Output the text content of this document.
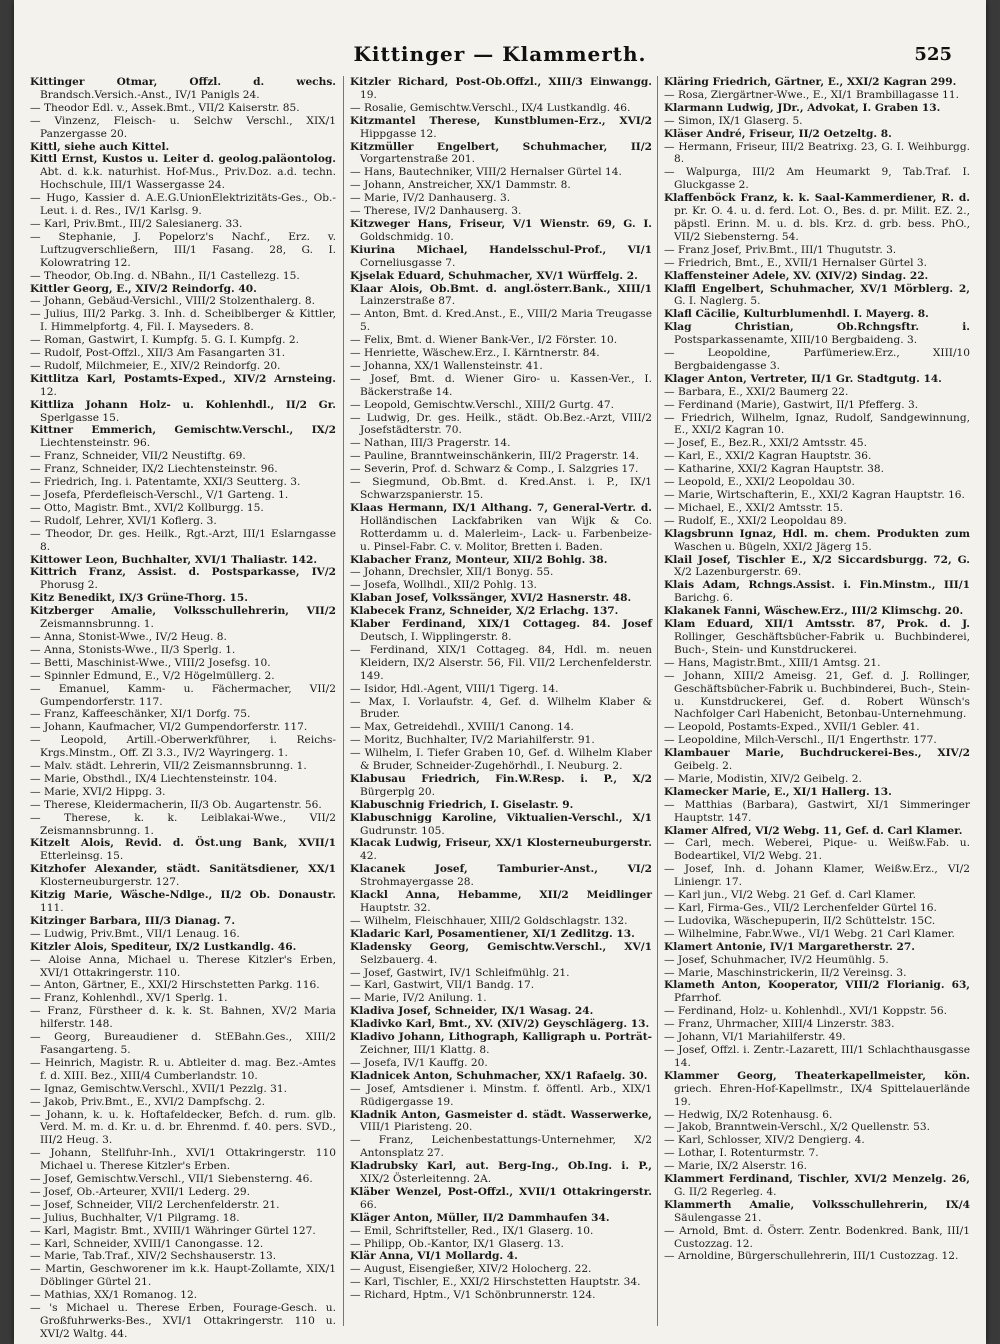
Kittinger — Klammerth.	525

Kittinger Otmar, Offzl. d. wechs. Brandsch.Versich.-Anst., IV/1 Panigls 24.

— Theodor Edl. v., Assek.Bmt., VII/2 Kaiserstr. 85.

— Vinzenz, Fleisch- u. Selchw Verschl., XIX/1 Panzergasse 20.

Kittl, siehe auch Kittel.

Kittl Ernst, Kustos u. Leiter d. geolog.paläontolog. Abt. d. k.k. naturhist. Hof-Mus., Priv.Doz. a.d. techn. Hochschule, III/1 Wassergasse 24.

— Hugo, Kassier d. A.E.G.UnionElektrizitäts-Ges., Ob.-Leut. i. d. Res., IV/1 Karlsg. 9.

— Karl, Priv.Bmt., III/2 Salesianerg. 33.

— Stephanie, J. Popelorz's Nachf., Erz. v. Luftzugverschließern, III/1 Fasang. 28, G. I. Kolowratring 12.

— Theodor, Ob.Ing. d. NBahn., II/1 Castellezg. 15.

Kittler Georg, E., XIV/2 Reindorfg. 40.

— Johann, Gebäud-Versichl., VIII/2 Stolzenthalerg. 8.

— Julius, III/2 Parkg. 3. Inh. d. Scheiblberger & Kittler, I. Himmelpfortg. 4, Fil. I. Mayseders. 8.

— Roman, Gastwirt, I. Kumpfg. 5. G. I. Kumpfg. 2.

— Rudolf, Post-Offzl., XII/3 Am Fasangarten 31.

— Rudolf, Milchmeier, E., XIV/2 Reindorfg. 20.

Kittlitza Karl, Postamts-Exped., XIV/2 Arnsteing. 12.

Kittliza Johann Holz- u. Kohlenhdl., II/2 Gr. Sperlgasse 15.

Kittner Emmerich, Gemischtw.Verschl., IX/2 Liechtensteinstr. 96.

— Franz, Schneider, VII/2 Neustiftg. 69.

— Franz, Schneider, IX/2 Liechtensteinstr. 96.

— Friedrich, Ing. i. Patentamte, XXI/3 Seutterg. 3.

— Josefa, Pferdefleisch-Verschl., V/1 Garteng. 1.

— Otto, Magistr. Bmt., XVI/2 Kollburgg. 15.

— Rudolf, Lehrer, XVI/1 Koflerg. 3.

— Theodor, Dr. ges. Heilk., Rgt.-Arzt, III/1 Eslarngasse 8.

Kittower Leon, Buchhalter, XVI/1 Thaliastr. 142.

Kittrich Franz, Assist. d. Postsparkasse, IV/2 Phorusg 2.

Kitz Benedikt, IX/3 Grüne-Thorg. 15.

Kitzberger Amalie, Volksschullehrerin, VII/2 Zeismannsbrunng. 1.

— Anna, Stonist-Wwe., IV/2 Heug. 8.

— Anna, Stonists-Wwe., II/3 Sperlg. 1.

— Betti, Maschinist-Wwe., VIII/2 Josefsg. 10.

— Spinnler Edmund, E., V/2 Högelmüllerg. 2.

— Emanuel, Kamm- u. Fächermacher, VII/2 Gumpendorferstr. 117.

— Franz, Kaffeeschänker, XI/1 Dorfg. 75.

— Johann, Kaufmacher, VI/2 Gumpendorferstr. 117.

— Leopold, Artill.-Oberwerkführer, i. Reichs-Krgs.Minstm., Off. Zl 3.3., IV/2 Wayringerg. 1.

— Malv. städt. Lehrerin, VII/2 Zeismannsbrunng. 1.

— Marie, Obsthdl., IX/4 Liechtensteinstr. 104.

— Marie, XVI/2 Hippg. 3.

— Therese, Kleidermacherin, II/3 Ob. Augartenstr. 56.

— Therese, k. k. Leiblakai-Wwe., VII/2 Zeismannsbrunng. 1.

Kitzelt Alois, Revid. d. Öst.ung Bank, XVII/1 Etterleinsg. 15.

Kitzhofer Alexander, städt. Sanitätsdiener, XX/1 Klosterneuburgerstr. 127.

Kitzig Marie, Wäsche-Ndlge., II/2 Ob. Donaustr. 111.

Kitzinger Barbara, III/3 Dianag. 7.

— Ludwig, Priv.Bmt., VII/1 Lenaug. 16.

Kitzler Alois, Spediteur, IX/2 Lustkandlg. 46.

— Aloise Anna, Michael u. Therese Kitzler's Erben, XVI/1 Ottakringerstr. 110.

— Anton, Gärtner, E., XXI/2 Hirschstetten Parkg. 116.

— Franz, Kohlenhdl., XV/1 Sperlg. 1.

— Franz, Fürstheer d. k. k. St. Bahnen, XV/2 Maria hilferstr. 148.

— Georg, Bureaudiener d. StEBahn.Ges., XIII/2 Fasangarteng. 5.

— Heinrich, Magistr. R. u. Abtleiter d. mag. Bez.-Amtes f. d. XIII. Bez., XIII/4 Cumberlandstr. 10.

— Ignaz, Gemischtw.Verschl., XVII/1 Pezzlg. 31.

— Jakob, Priv.Bmt., E., XVI/2 Dampfschg. 2.

— Johann, k. u. k. Hoftafeldecker, Befch. d. rum. glb. Verd. M. m. d. Kr. u. d. br. Ehrenmd. f. 40. pers. SVD., III/2 Heug. 3.

— Johann, Stellfuhr-Inh., XVI/1 Ottakringerstr. 110 Michael u. Therese Kitzler's Erben.

— Josef, Gemischtw.Verschl., VII/1 Siebensterng. 46.

— Josef, Ob.-Arteurer, XVII/1 Lederg. 29.

— Josef, Schneider, VII/2 Lerchenfelderstr. 21.

— Julius, Buchhalter, V/1 Pilgramg. 18.

— Karl, Magistr. Bmt., XVIII/1 Währinger Gürtel 127.

— Karl, Schneider, XVIII/1 Canongasse. 12.

— Marie, Tab.Traf., XIV/2 Sechshauserstr. 13.

— Martin, Geschworener im k.k. Haupt-Zollamte, XIX/1 Döblinger Gürtel 21.

— Mathias, XX/1 Romanog. 12.

— 's Michael u. Therese Erben, Fourage-Gesch. u. Großfuhrwerks-Bes., XVI/1 Ottakringerstr. 110 u. XVI/2 Waltg. 44.

Kitzler Richard, Post-Ob.Offzl., XIII/3 Einwangg. 19.

— Rosalie, Gemischtw.Verschl., IX/4 Lustkandlg. 46.

Kitzmantel Therese, Kunstblumen-Erz., XVI/2 Hippgasse 12.

Kitzmüller Engelbert, Schuhmacher, II/2 Vorgartenstraße 201.

— Hans, Bautechniker, VIII/2 Hernalser Gürtel 14.

— Johann, Anstreicher, XX/1 Dammstr. 8.

— Marie, IV/2 Danhauserg. 3.

— Therese, IV/2 Danhauserg. 3.

Kitzweger Hans, Friseur, V/1 Wienstr. 69, G. I. Goldschmidg. 10.

Kiurina Michael, Handelsschul-Prof., VI/1 Corneliusgasse 7.

Kjselak Eduard, Schuhmacher, XV/1 Würffelg. 2.

Klaar Alois, Ob.Bmt. d. angl.österr.Bank., XIII/1 Lainzerstraße 87.

— Anton, Bmt. d. Kred.Anst., E., VIII/2 Maria Treugasse 5.

— Felix, Bmt. d. Wiener Bank-Ver., I/2 Förster. 10.

— Henriette, Wäschew.Erz., I. Kärntnerstr. 84.

— Johanna, XX/1 Wallensteinstr. 41.

— Josef, Bmt. d. Wiener Giro- u. Kassen-Ver., I. Bäckerstraße 14.

— Leopold, Gemischtw.Verschl., XIII/2 Gurtg. 47.

— Ludwig, Dr. ges. Heilk., städt. Ob.Bez.-Arzt, VIII/2 Josefstädterstr. 70.

— Nathan, III/3 Pragerstr. 14.

— Pauline, Branntweinschänkerin, III/2 Pragerstr. 14.

— Severin, Prof. d. Schwarz & Comp., I. Salzgries 17.

— Siegmund, Ob.Bmt. d. Kred.Anst. i. P., IX/1 Schwarzspanierstr. 15.

Klaas Hermann, IX/1 Althang. 7, General-Vertr. d. Holländischen Lackfabriken van Wijk & Co. Rotterdamm u. d. Malerleim-, Lack- u. Farbenbeize- u. Pinsel-Fabr. C. v. Molitor, Bretten i. Baden.

Klabacher Franz, Monteur, XII/2 Bohlg. 38.

— Johann, Drechsler, XII/1 Bonyg. 55.

— Josefa, Wollhdl., XII/2 Pohlg. 13.

Klaban Josef, Volkssänger, XVI/2 Hasnerstr. 48.

Klabecek Franz, Schneider, X/2 Erlachg. 137.

Klaber Ferdinand, XIX/1 Cottageg. 84. Josef Deutsch, I. Wipplingerstr. 8.

— Ferdinand, XIX/1 Cottageg. 84, Hdl. m. neuen Kleidern, IX/2 Alserstr. 56, Fil. VII/2 Lerchenfelderstr. 149.

— Isidor, Hdl.-Agent, VIII/1 Tigerg. 14.

— Max, I. Vorlaufstr. 4, Gef. d. Wilhelm Klaber & Bruder.

— Max, Getreidehdl., XVIII/1 Canong. 14.

— Moritz, Buchhalter, IV/2 Mariahilferstr. 91.

— Wilhelm, I. Tiefer Graben 10, Gef. d. Wilhelm Klaber & Bruder, Schneider-Zugehörhdl., I. Neuburg. 2.

Klabusau Friedrich, Fin.W.Resp. i. P., X/2 Bürgerplg 20.

Klabuschnig Friedrich, I. Giselastr. 9.

Klabuschnigg Karoline, Viktualien-Verschl., X/1 Gudrunstr. 105.

Klacak Ludwig, Friseur, XX/1 Klosterneuburgerstr. 42.

Klacanek Josef, Tamburier-Anst., VI/2 Strohmayergasse 28.

Klackl Anna, Hebamme, XII/2 Meidlinger Hauptstr. 32.

— Wilhelm, Fleischhauer, XIII/2 Goldschlagstr. 132.

Kladaric Karl, Posamentiener, XI/1 Zedlitzg. 13.

Kladensky Georg, Gemischtw.Verschl., XV/1 Selzbauerg. 4.

— Josef, Gastwirt, IV/1 Schleifmühlg. 21.

— Karl, Gastwirt, VII/1 Bandg. 17.

— Marie, IV/2 Anilung. 1.

Kladiva Josef, Schneider, IX/1 Wasag. 24.

Kladivko Karl, Bmt., XV. (XIV/2) Geyschlägerg. 13.

Kladivo Johann, Lithograph, Kalligraph u. Porträt-Zeichner, III/1 Klattg. 8.

— Josefa, IV/1 Kauffg. 20.

Kladnicek Anton, Schuhmacher, XX/1 Rafaelg. 30.

— Josef, Amtsdiener i. Minstm. f. öffentl. Arb., XIX/1 Rüdigergasse 19.

Kladnik Anton, Gasmeister d. städt. Wasserwerke, VIII/1 Piaristeng. 20.

— Franz, Leichenbestattungs-Unternehmer, X/2 Antonsplatz 27.

Kladrubsky Karl, aut. Berg-Ing., Ob.Ing. i. P., XIX/2 Österleitenng. 2A.

Kläber Wenzel, Post-Offzl., XVII/1 Ottakringerstr. 66.

Kläger Anton, Müller, II/2 Dammhaufen 34.

— Emil, Schriftsteller, Red., IX/1 Glaserg. 10.

— Philipp, Ob.-Kantor, IX/1 Glaserg. 13.

Klär Anna, VI/1 Mollardg. 4.

— August, Eisengießer, XIV/2 Holocherg. 22.

— Karl, Tischler, E., XXI/2 Hirschstetten Hauptstr. 34.

— Richard, Hptm., V/1 Schönbrunnerstr. 124.

Kläring Friedrich, Gärtner, E., XXI/2 Kagran 299.

— Rosa, Ziergärtner-Wwe., E., XI/1 Brambillagasse 11.

Klarmann Ludwig, JDr., Advokat, I. Graben 13.

— Simon, IX/1 Glaserg. 5.

Kläser André, Friseur, II/2 Oetzeltg. 8.

— Hermann, Friseur, III/2 Beatrixg. 23, G. I. Weihburgg. 8.

— Walpurga, III/2 Am Heumarkt 9, Tab.Traf. I. Gluckgasse 2.

Klaffenböck Franz, k. k. Saal-Kammerdiener, R. d. pr. Kr. O. 4. u. d. ferd. Lot. O., Bes. d. pr. Milit. EZ. 2., päpstl. Erinn. M. u. d. bls. Krz. d. grb. bess. PhO., VII/2 Siebensterng. 54.

— Franz Josef, Priv.Bmt., III/1 Thugutstr. 3.

— Friedrich, Bmt., E., XVII/1 Hernalser Gürtel 3.

Klaffensteiner Adele, XV. (XIV/2) Sindag. 22.

Klaffl Engelbert, Schuhmacher, XV/1 Mörblerg. 2, G. I. Naglerg. 5.

Klafl Cäcilie, Kulturblumenhdl. I. Mayerg. 8.

Klag Christian, Ob.Rchngsftr. i. Postsparkassenamte, XIII/10 Bergbaideng. 3.

— Leopoldine, Parfümeriew.Erz., XIII/10 Bergbaidengasse 3.

Klager Anton, Vertreter, II/1 Gr. Stadtgutg. 14.

— Barbara, E., XXI/2 Baumerg 22.

— Ferdinand (Marie), Gastwirt, II/1 Pfefferg. 3.

— Friedrich, Wilhelm, Ignaz, Rudolf, Sandgewinnung, E., XXI/2 Kagran 10.

— Josef, E., Bez.R., XXI/2 Amtsstr. 45.

— Karl, E., XXI/2 Kagran Hauptstr. 36.

— Katharine, XXI/2 Kagran Hauptstr. 38.

— Leopold, E., XXI/2 Leopoldau 30.

— Marie, Wirtschafterin, E., XXI/2 Kagran Hauptstr. 16.

— Michael, E., XXI/2 Amtsstr. 15.

— Rudolf, E., XXI/2 Leopoldau 89.

Klagsbrunn Ignaz, Hdl. m. chem. Produkten zum Waschen u. Bügeln, XXI/2 Jägerg 15.

Klail Josef, Tischler E., X/2 Siccardsburgg. 72, G. X/2 Lazenburgerstr. 69.

Klais Adam, Rchngs.Assist. i. Fin.Minstm., III/1 Barichg. 6.

Klakanek Fanni, Wäschew.Erz., III/2 Klimschg. 20.

Klam Eduard, XII/1 Amtsstr. 87, Prok. d. J. Rollinger, Geschäftsbücher-Fabrik u. Buchbinderei, Buch-, Stein- und Kunstdruckerei.

— Hans, Magistr.Bmt., XIII/1 Amtsg. 21.

— Johann, XIII/2 Ameisg. 21, Gef. d. J. Rollinger, Geschäftsbücher-Fabrik u. Buchbinderei, Buch-, Stein- u. Kunstdruckerei, Gef. d. Robert Wünsch's Nachfolger Carl Habenicht, Betonbau-Unternehmung.

— Leopold, Postamts-Exped., XVII/1 Gebler. 41.

— Leopoldine, Milch-Verschl., II/1 Engerthstr. 177.

Klambauer Marie, Buchdruckerei-Bes., XIV/2 Geibelg. 2.

— Marie, Modistin, XIV/2 Geibelg. 2.

Klamecker Marie, E., XI/1 Hallerg. 13.

— Matthias (Barbara), Gastwirt, XI/1 Simmeringer Hauptstr. 147.

Klamer Alfred, VI/2 Webg. 11, Gef. d. Carl Klamer.

— Carl, mech. Weberei, Pique- u. Weißw.Fab. u. Bodeartikel, VI/2 Webg. 21.

— Josef, Inh. d. Johann Klamer, Weißw.Erz., VI/2 Liniengr. 17.

— Karl jun., VI/2 Webg. 21 Gef. d. Carl Klamer.

— Karl, Firma-Ges., VII/2 Lerchenfelder Gürtel 16.

— Ludovika, Wäschepuperin, II/2 Schüttelstr. 15C.

— Wilhelmine, Fabr.Wwe., VI/1 Webg. 21 Carl Klamer.

Klamert Antonie, IV/1 Margaretherstr. 27.

— Josef, Schuhmacher, IV/2 Heumühlg. 5.

— Marie, Maschinstrickerin, II/2 Vereinsg. 3.

Klameth Anton, Kooperator, VIII/2 Florianig. 63, Pfarrhof.

— Ferdinand, Holz- u. Kohlenhdl., XVI/1 Koppstr. 56.

— Franz, Uhrmacher, XIII/4 Linzerstr. 383.

— Johann, VI/1 Mariahilferstr. 49.

— Josef, Offzl. i. Zentr.-Lazarett, III/1 Schlachthausgasse 14.

Klammer Georg, Theaterkapellmeister, kön. griech. Ehren-Hof-Kapellmstr., IX/4 Spittelauerlände 19.

— Hedwig, IX/2 Rotenhausg. 6.

— Jakob, Branntwein-Verschl., X/2 Quellenstr. 53.

— Karl, Schlosser, XIV/2 Dengierg. 4.

— Lothar, I. Rotenturmstr. 7.

— Marie, IX/2 Alserstr. 16.

Klammert Ferdinand, Tischler, XVI/2 Menzelg. 26, G. II/2 Regerleg. 4.

Klammerth Amalie, Volksschullehrerin, IX/4 Säulengasse 21.

— Arnold, Bmt. d. Österr. Zentr. Bodenkred. Bank, III/1 Custozzag. 12.

— Arnoldine, Bürgerschullehrerin, III/1 Custozzag. 12.
